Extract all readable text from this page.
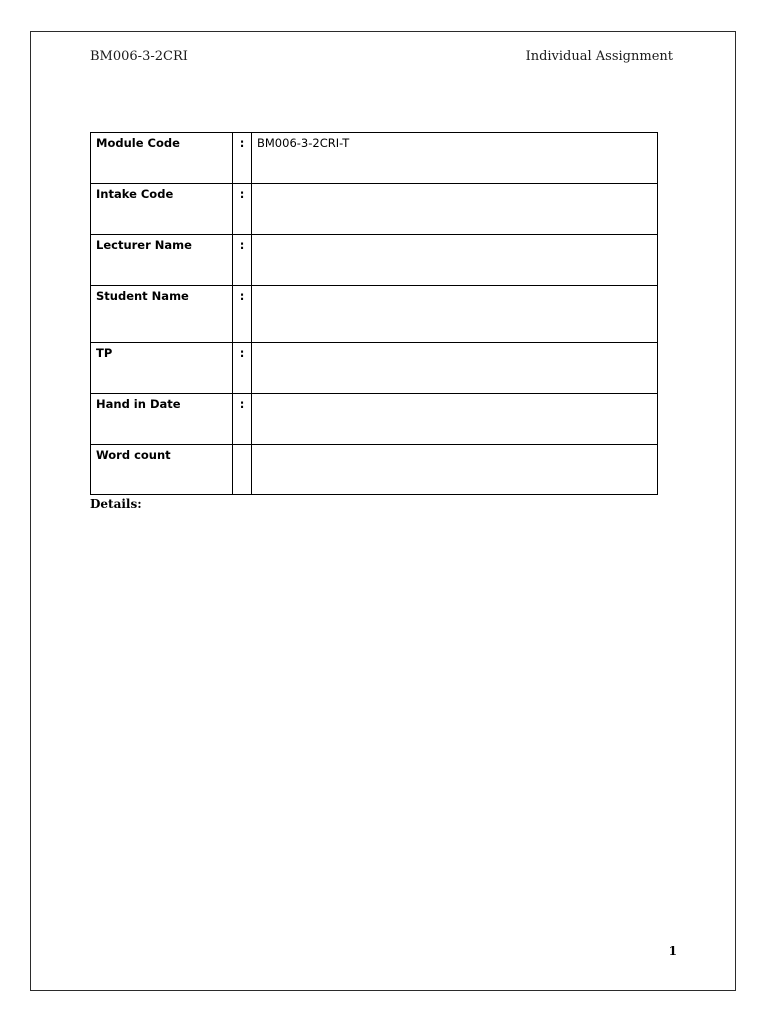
BM006-3-2CRI	Individual Assignment
Module Code	:	BM006-3-2CRI-T
Intake Code	:	
Lecturer Name	:	
Student Name	:	
TP	:	
Hand in Date	:	
Word count		
Details:
1
